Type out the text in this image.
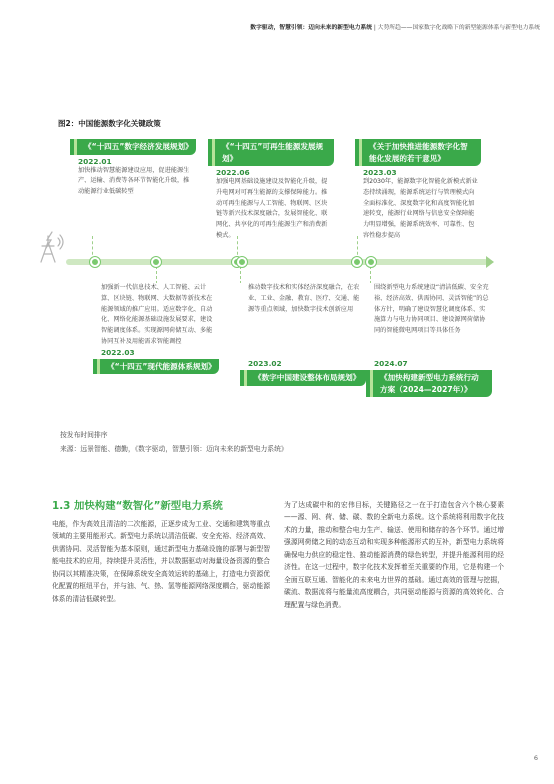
数字驱动，智慧引领：迈向未来的新型电力系统 | 大势所趋——国家数字化战略下的新型能源体系与新型电力系统
图2：中国能源数字化关键政策
《“十四五”数字经济发展规划》
2022.01
加快推动智慧能源建设应用，促进能源生产、运输、消费等各环节智能化升级，推动能源行业低碳转型
《“十四五”可再生能源发展规划》
2022.06
加强电网基础设施建设及智能化升级，提升电网对可再生能源的支撑保障能力。推动可再生能源与人工智能、物联网、区块链等新兴技术深度融合，发展智能化、联网化、共享化的可再生能源生产和消费新模式。
《关于加快推进能源数字化智能化发展的若干意见》
2023.03
到2030年，能源数字化智能化新模式新业态持续涌现，能源系统运行与管理模式向全面标准化、深度数字化和高度智能化加速转变，能源行业网络与信息安全保障能力明显增强，能源系统效率、可靠性、包容性稳步提高
加强新一代信息技术、人工智能、云计算、区块链、物联网、大数据等新技术在能源领域的推广应用。适应数字化、自动化、网络化能源基础设施发展要求，建设智能调度体系。实现源网荷储互动、多能协同互补及用能需求智能调控
2022.03
《“十四五”现代能源体系规划》
推动数字技术和实体经济深度融合，在农业、工业、金融、教育、医疗、交通、能源等重点领域，加快数字技术创新应用
2023.02
《数字中国建设整体布局规划》
围绕新型电力系统建设“清洁低碳、安全充裕、经济高效、供需协同、灵活智能”的总体方针，明确了建设智慧化调度体系、实施算力与电力协同项目、建设源网荷储协同的智能微电网项目等具体任务
2024.07
《加快构建新型电力系统行动方案（2024—2027年）》
按发布时间排序
来源：远景智能、德勤，《数字驱动，智慧引领：迈向未来的新型电力系统》
1.3 加快构建“数智化”新型电力系统
电能，作为高效且清洁的二次能源，正逐步成为工业、交通和建筑等重点领域的主要用能形式。新型电力系统以清洁低碳、安全充裕、经济高效、供需协同、灵活智能为基本原则，通过新型电力基础设施的部署与新型智能电技术的应用，持续提升灵活性，并以数据驱动对海量设备资源的整合协同以其精准决策，在保障系统安全高效运转的基础上，打造电力资源优化配置的枢纽平台，并与油、气、热、氢等能源网络深度耦合，驱动能源体系的清洁低碳转型。
为了达成碳中和的宏伟目标，关键路径之一在于打造包含六个核心要素——源、网、荷、储、碳、数的全新电力系统。这个系统将利用数字化技术的力量，推动和整合电力生产、输送、使用和储存的各个环节。通过增强源网荷储之间的动态互动和实现多种能源形式的互补，新型电力系统将确保电力供应的稳定性、推动能源消费的绿色转型，并提升能源利用的经济性。在这一过程中，数字化技术发挥着至关重要的作用，它是构建一个全面互联互通、智能化的未来电力世界的基础。通过高效的管理与挖掘，碳流、数据流将与能量流高度耦合，共同驱动能源与资源的高效转化、合理配置与绿色消费。
6
